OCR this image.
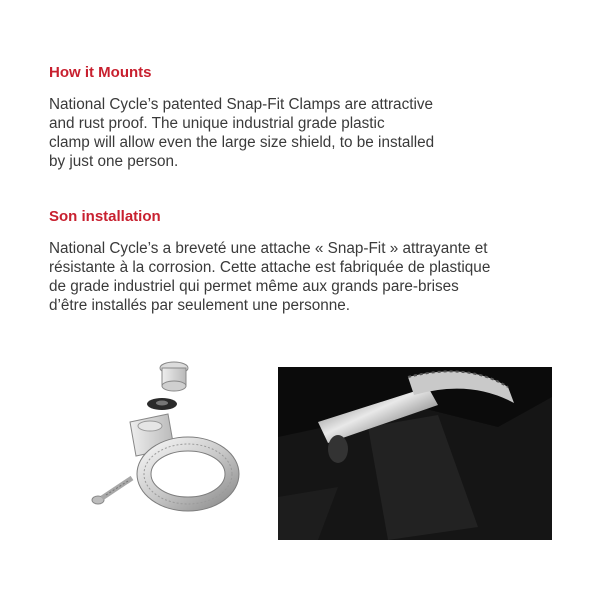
How it Mounts

National Cycle’s patented Snap-Fit Clamps are attractive
and rust proof. The unique industrial grade plastic
clamp will allow even the large size shield, to be installed
by just one person.

Son installation

National Cycle’s a breveté une attache « Snap-Fit » attrayante et
résistante à la corrosion. Cette attache est fabriquée de plastique
de grade industriel qui permet même aux grands pare-brises
d’être installés par seulement une personne.
